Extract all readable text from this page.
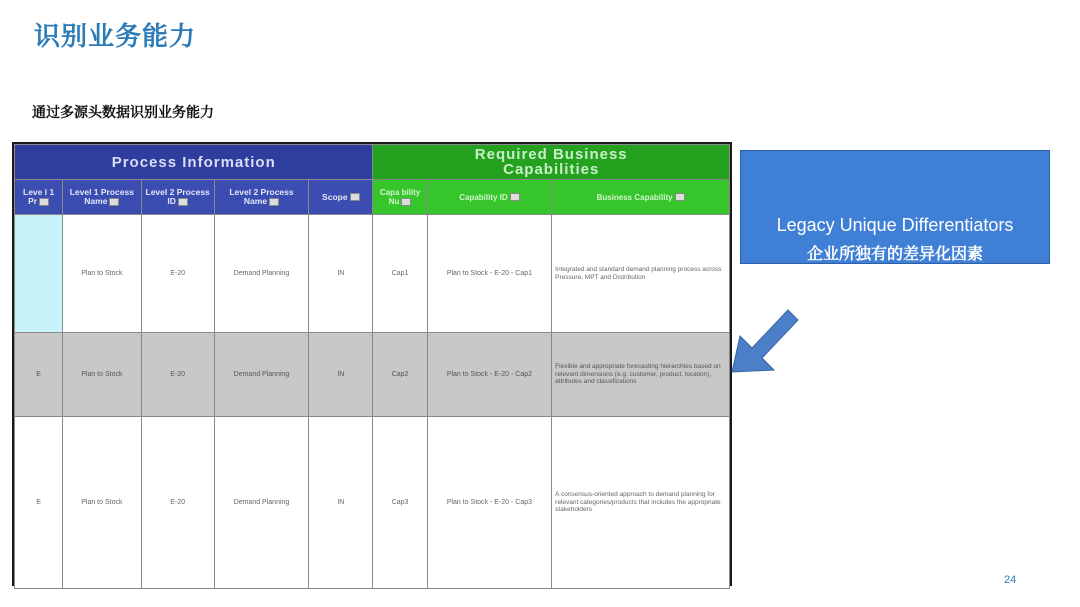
识别业务能力
通过多源头数据识别业务能力
Process Information					Required Business
Capabilities		

Leve l 1 Pr	Level 1 Process Name	Level 2 Process ID	Level 2 Process Name	Scope	Capa bility Nu	Capability ID	Business Capability
	Plan to Stock	E-20	Demand Planning	IN	Cap1	Plan to Stock - E-20 - Cap1	Integrated and standard demand planning process across Pressure, MPT and Distribution
E	Plan to Stock	E-20	Demand Planning	IN	Cap2	Plan to Stock - E-20 - Cap2	Flexible and appropriate forecasting hierarchies based on relevant dimensions (e.g. customer, product, location), attributes and classifications
E	Plan to Stock	E-20	Demand Planning	IN	Cap3	Plan to Stock - E-20 - Cap3	A consensus-oriented approach to demand planning for relevant categories/products that includes the appropriate stakeholders
Legacy Unique Differentiators
企业所独有的差异化因素
24
